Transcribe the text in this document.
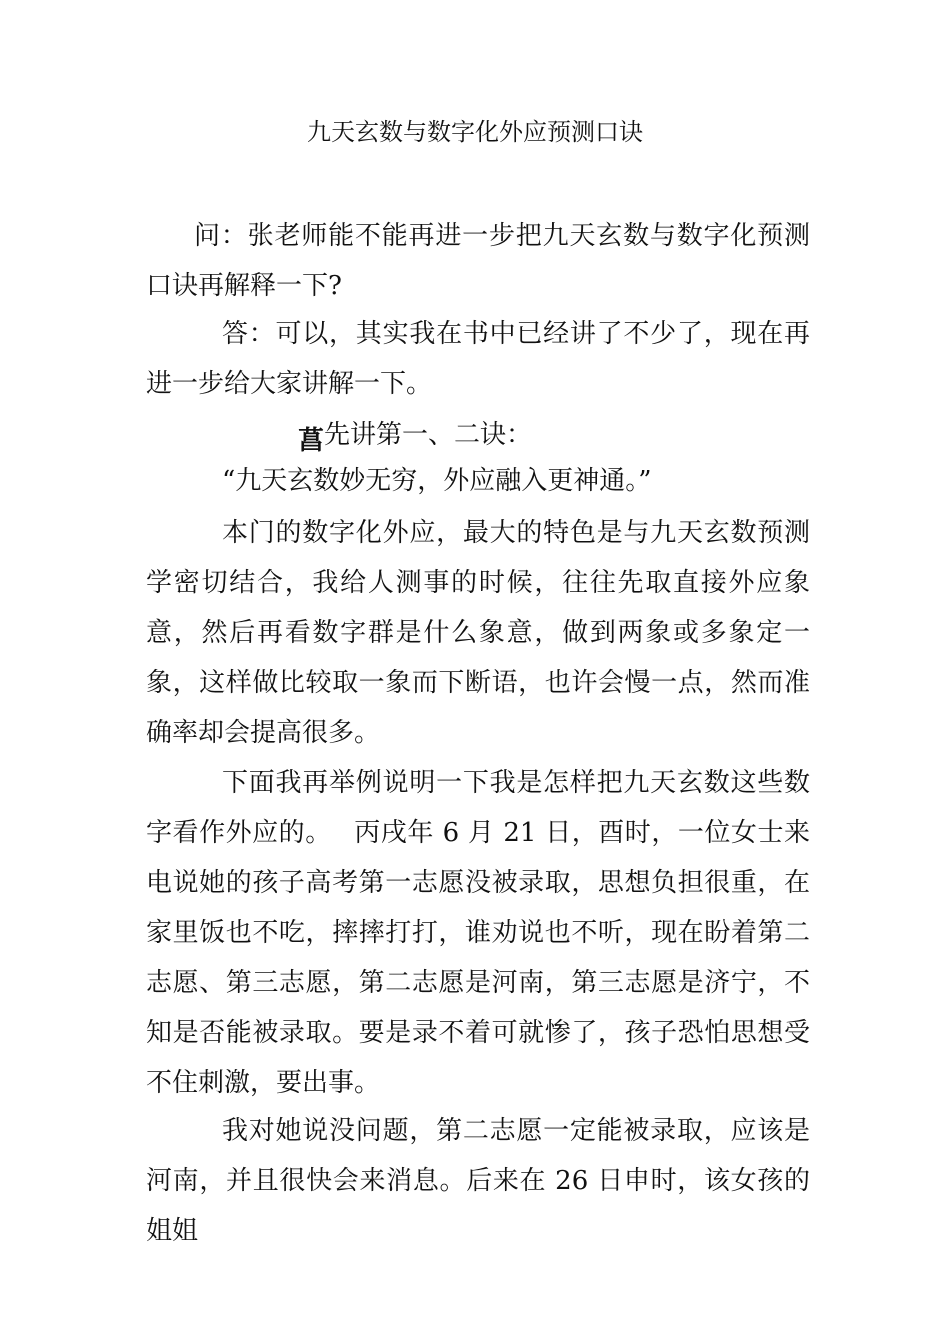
九天玄数与数字化外应预测口诀
问：张老师能不能再进一步把九天玄数与数字化预测口诀再解释一下?
答：可以，其实我在书中已经讲了不少了，现在再进一步给大家讲解一下。
菖先讲第一、二诀：
“九天玄数妙无穷，外应融入更神通。”
本门的数字化外应，最大的特色是与九天玄数预测学密切结合，我给人测事的时候，往往先取直接外应象意，然后再看数字群是什么象意，做到两象或多象定一象，这样做比较取一象而下断语，也许会慢一点，然而准确率却会提高很多。
下面我再举例说明一下我是怎样把九天玄数这些数字看作外应的。 丙戌年 6 月 21 日，酉时，一位女士来电说她的孩子高考第一志愿没被录取，思想负担很重，在家里饭也不吃，摔摔打打，谁劝说也不听，现在盼着第二志愿、第三志愿，第二志愿是河南，第三志愿是济宁，不知是否能被录取。要是录不着可就惨了，孩子恐怕思想受不住刺激，要出事。
我对她说没问题，第二志愿一定能被录取，应该是河南，并且很快会来消息。后来在 26 日申时，该女孩的姐姐
